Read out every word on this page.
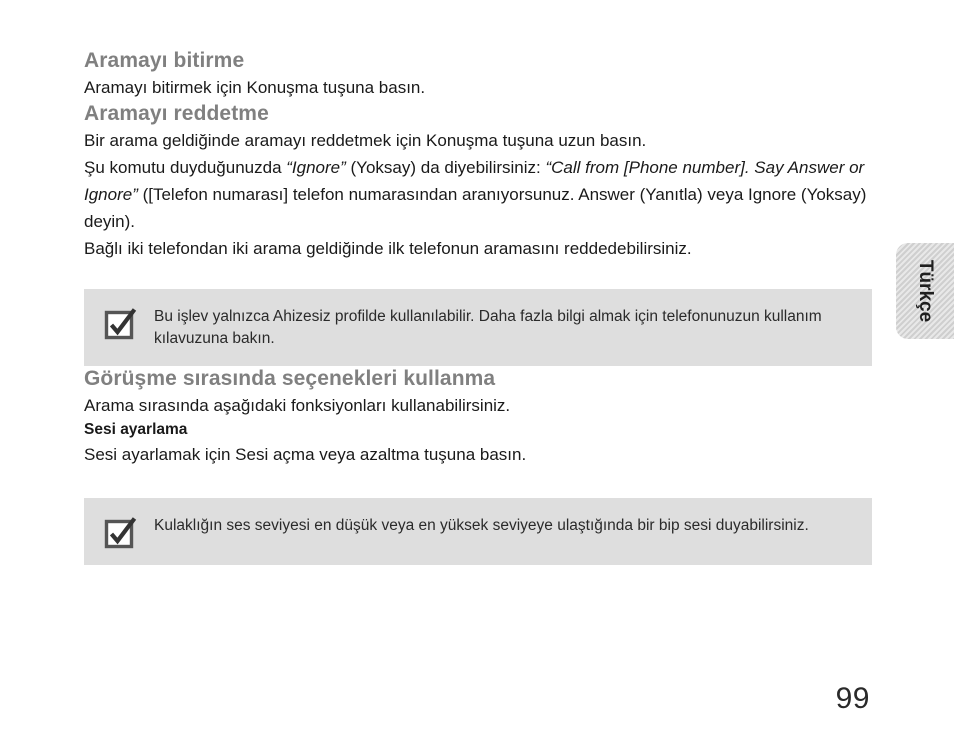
Aramayı bitirme

Aramayı bitirmek için Konuşma tuşuna basın.

Aramayı reddetme

Bir arama geldiğinde aramayı reddetmek için Konuşma tuşuna uzun basın.

Şu komutu duyduğunuzda “Ignore” (Yoksay) da diyebilirsiniz: “Call from [Phone number]. Say Answer or Ignore” ([Telefon numarası] telefon numarasından aranıyorsunuz. Answer (Yanıtla) veya Ignore (Yoksay) deyin).

Bağlı iki telefondan iki arama geldiğinde ilk telefonun aramasını reddedebilirsiniz.

Bu işlev yalnızca Ahizesiz profilde kullanılabilir. Daha fazla bilgi almak için telefonunuzun kullanım kılavuzuna bakın.
Görüşme sırasında seçenekleri kullanma

Arama sırasında aşağıdaki fonksiyonları kullanabilirsiniz.

Sesi ayarlama

Sesi ayarlamak için Sesi açma veya azaltma tuşuna basın.

Kulaklığın ses seviyesi en düşük veya en yüksek seviyeye ulaştığında bir bip sesi duyabilirsiniz.
Türkçe
99
